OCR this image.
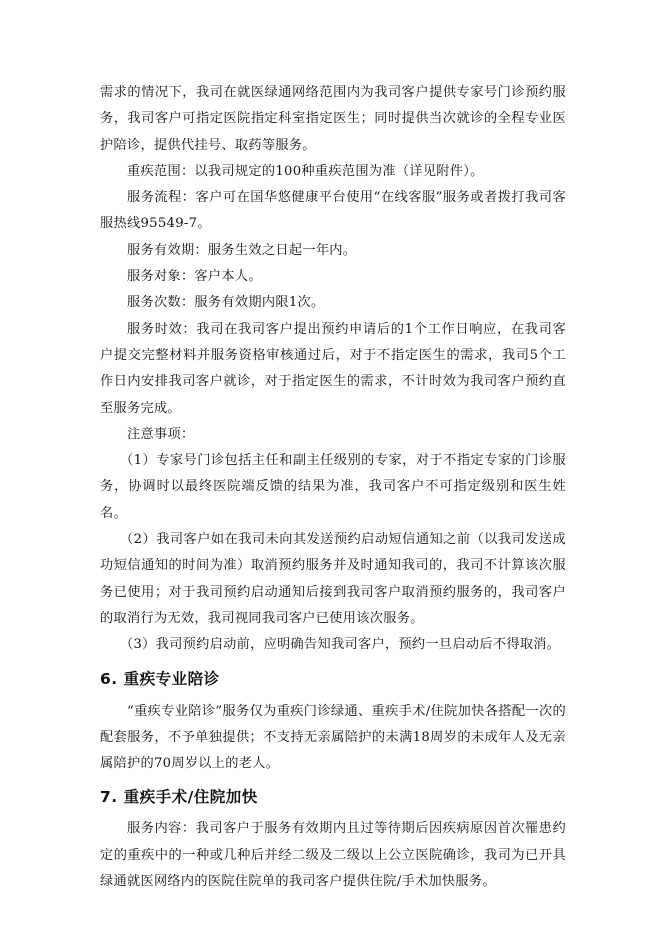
需求的情况下，我司在就医绿通网络范围内为我司客户提供专家号门诊预约服务，我司客户可指定医院指定科室指定医生；同时提供当次就诊的全程专业医护陪诊，提供代挂号、取药等服务。

重疾范围：以我司规定的100种重疾范围为准（详见附件）。

服务流程：客户可在国华悠健康平台使用“在线客服”服务或者拨打我司客服热线95549-7。

服务有效期：服务生效之日起一年内。

服务对象：客户本人。

服务次数：服务有效期内限1次。

服务时效：我司在我司客户提出预约申请后的1个工作日响应，在我司客户提交完整材料并服务资格审核通过后，对于不指定医生的需求，我司5个工作日内安排我司客户就诊，对于指定医生的需求，不计时效为我司客户预约直至服务完成。

注意事项：

（1）专家号门诊包括主任和副主任级别的专家，对于不指定专家的门诊服务，协调时以最终医院端反馈的结果为准，我司客户不可指定级别和医生姓名。

（2）我司客户如在我司未向其发送预约启动短信通知之前（以我司发送成功短信通知的时间为准）取消预约服务并及时通知我司的，我司不计算该次服务已使用；对于我司预约启动通知后接到我司客户取消预约服务的，我司客户的取消行为无效，我司视同我司客户已使用该次服务。

（3）我司预约启动前，应明确告知我司客户，预约一旦启动后不得取消。

6. 重疾专业陪诊

“重疾专业陪诊”服务仅为重疾门诊绿通、重疾手术/住院加快各搭配一次的配套服务，不予单独提供；不支持无亲属陪护的未满18周岁的未成年人及无亲属陪护的70周岁以上的老人。

7. 重疾手术/住院加快

服务内容：我司客户于服务有效期内且过等待期后因疾病原因首次罹患约定的重疾中的一种或几种后并经二级及二级以上公立医院确诊，我司为已开具绿通就医网络内的医院住院单的我司客户提供住院/手术加快服务。
